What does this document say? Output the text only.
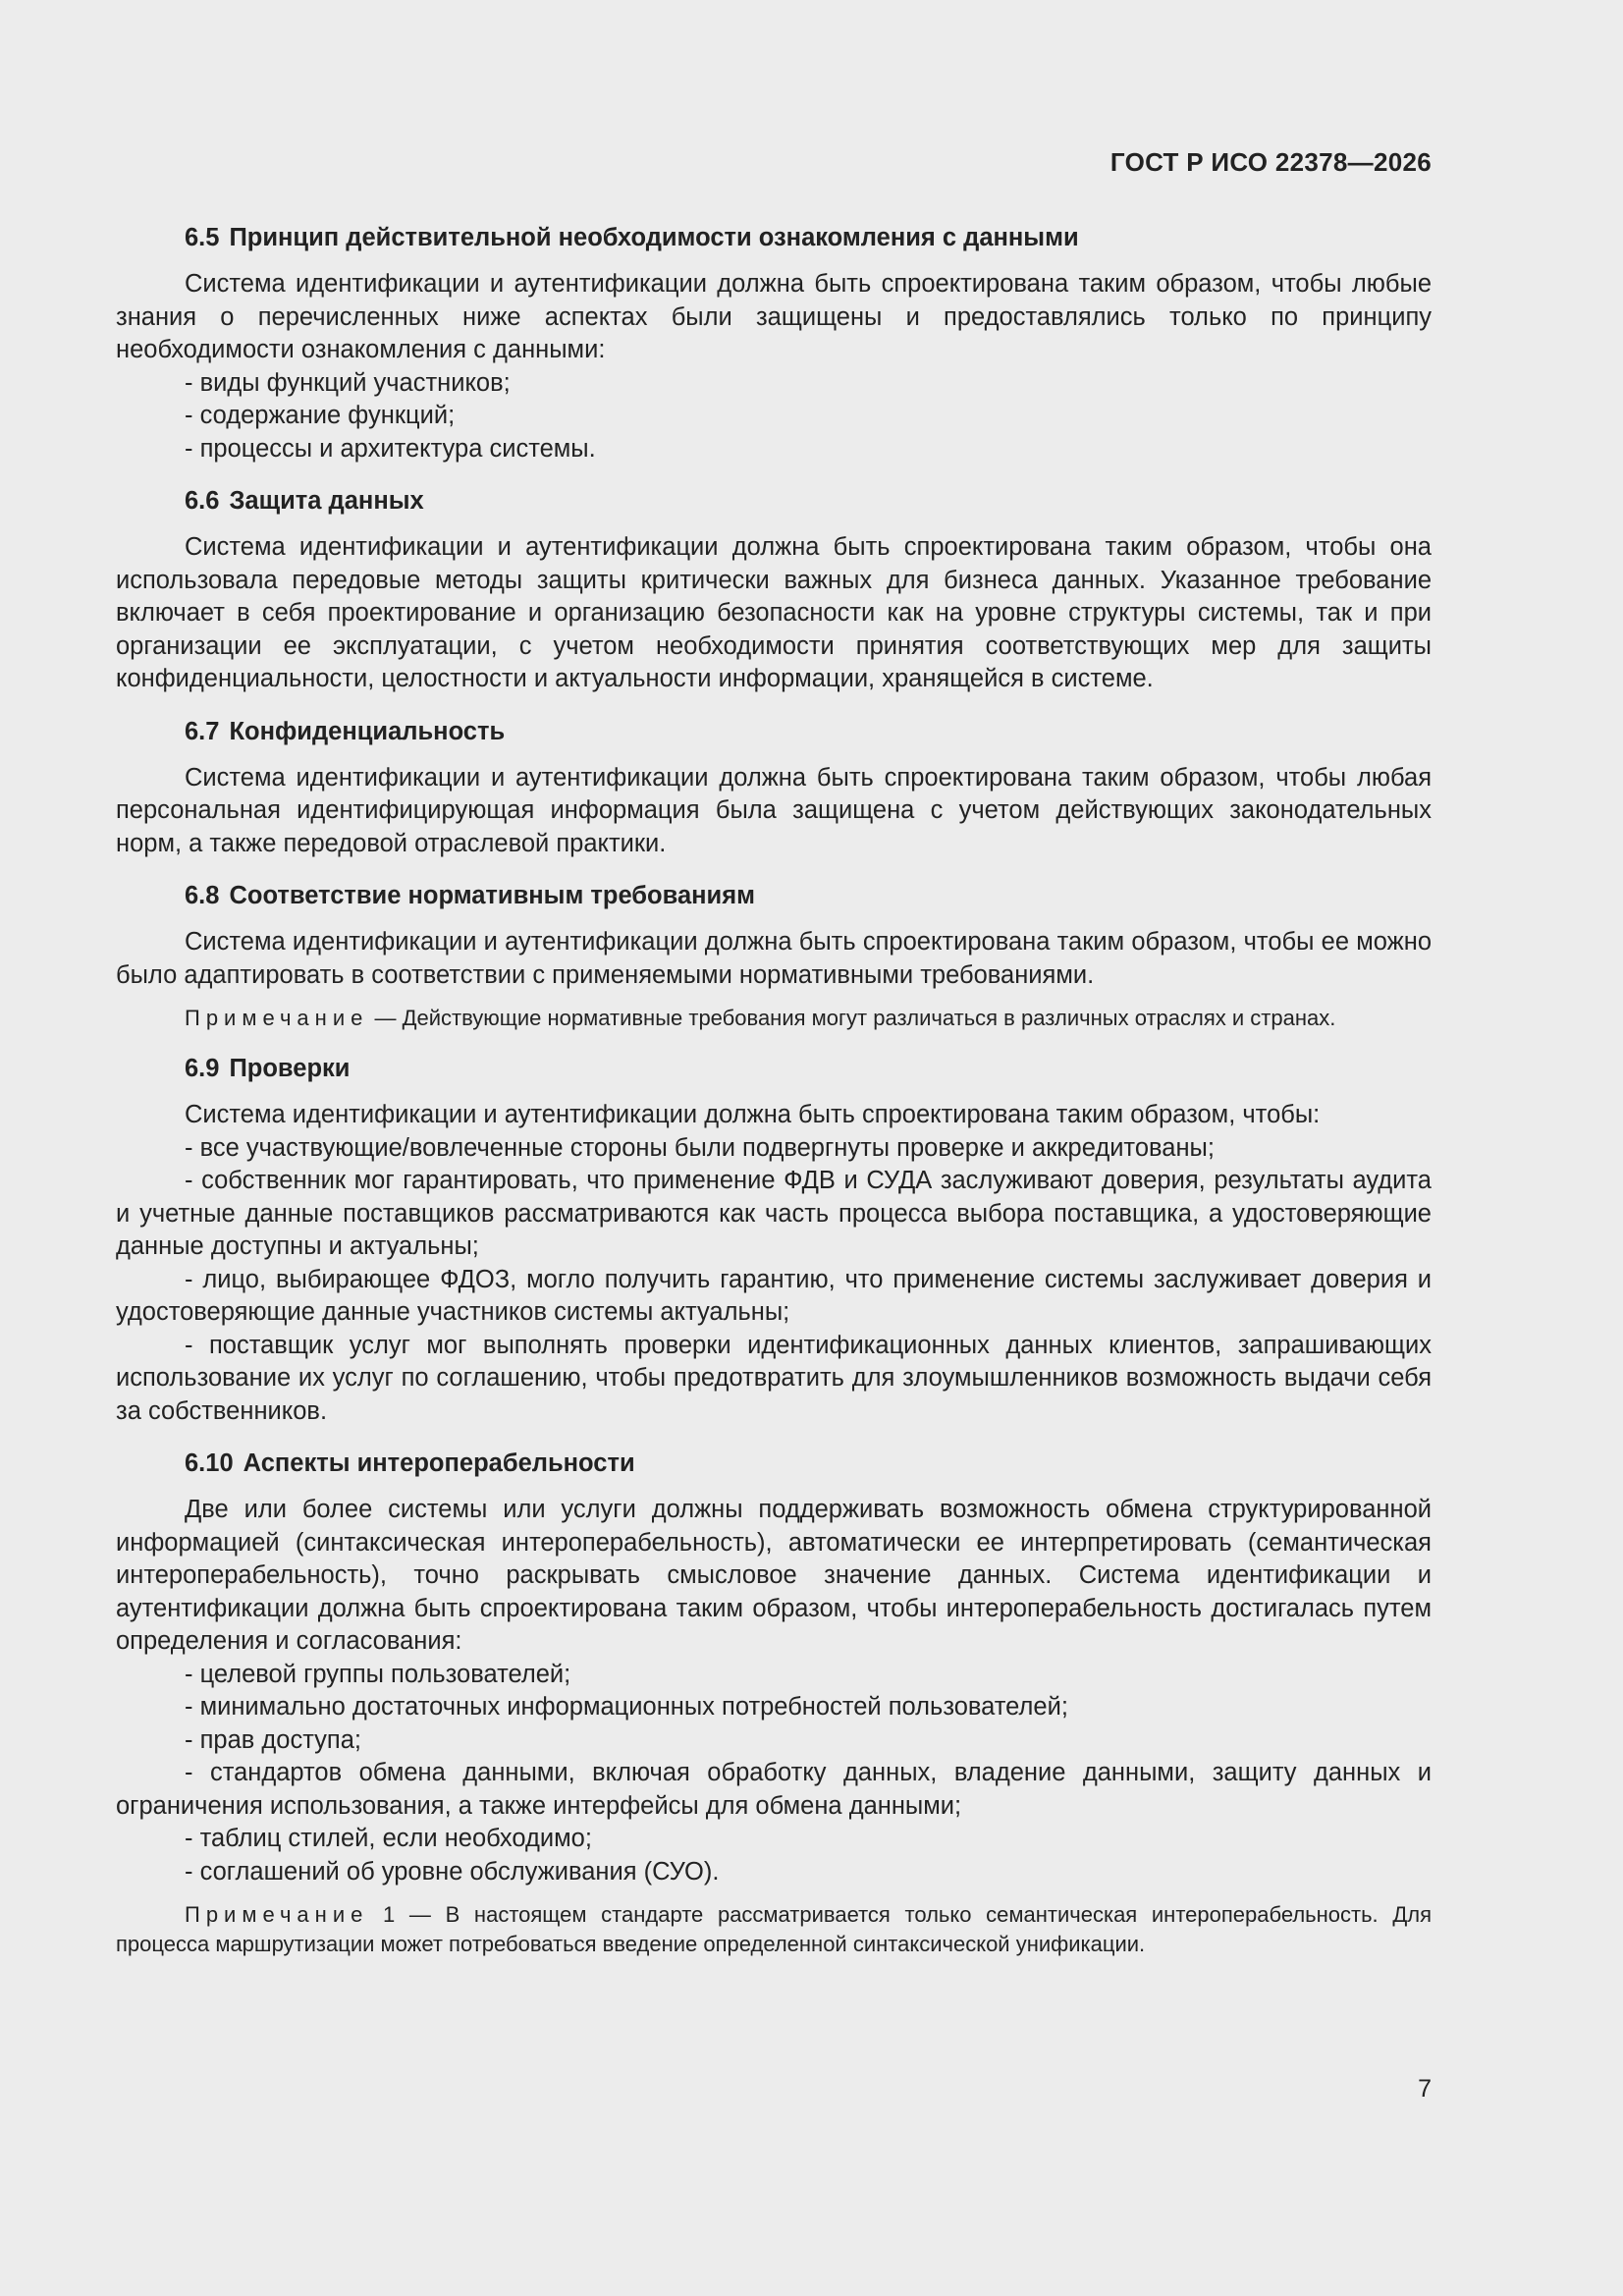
ГОСТ Р ИСО 22378—2026
6.5 Принцип действительной необходимости ознакомления с данными

Система идентификации и аутентификации должна быть спроектирована таким образом, чтобы любые знания о перечисленных ниже аспектах были защищены и предоставлялись только по принципу необходимости ознакомления с данными:

- виды функций участников;

- содержание функций;

- процессы и архитектура системы.

6.6 Защита данных

Система идентификации и аутентификации должна быть спроектирована таким образом, чтобы она использовала передовые методы защиты критически важных для бизнеса данных. Указанное требование включает в себя проектирование и организацию безопасности как на уровне структуры системы, так и при организации ее эксплуатации, с учетом необходимости принятия соответствующих мер для защиты конфиденциальности, целостности и актуальности информации, хранящейся в системе.

6.7 Конфиденциальность

Система идентификации и аутентификации должна быть спроектирована таким образом, чтобы любая персональная идентифицирующая информация была защищена с учетом действующих законодательных норм, а также передовой отраслевой практики.

6.8 Соответствие нормативным требованиям

Система идентификации и аутентификации должна быть спроектирована таким образом, чтобы ее можно было адаптировать в соответствии с применяемыми нормативными требованиями.

Примечание — Действующие нормативные требования могут различаться в различных отраслях и странах.

6.9 Проверки

Система идентификации и аутентификации должна быть спроектирована таким образом, чтобы:

- все участвующие/вовлеченные стороны были подвергнуты проверке и аккредитованы;

- собственник мог гарантировать, что применение ФДВ и СУДА заслуживают доверия, результаты аудита и учетные данные поставщиков рассматриваются как часть процесса выбора поставщика, а удостоверяющие данные доступны и актуальны;

- лицо, выбирающее ФДОЗ, могло получить гарантию, что применение системы заслуживает доверия и удостоверяющие данные участников системы актуальны;

- поставщик услуг мог выполнять проверки идентификационных данных клиентов, запрашивающих использование их услуг по соглашению, чтобы предотвратить для злоумышленников возможность выдачи себя за собственников.

6.10 Аспекты интероперабельности

Две или более системы или услуги должны поддерживать возможность обмена структурированной информацией (синтаксическая интероперабельность), автоматически ее интерпретировать (семантическая интероперабельность), точно раскрывать смысловое значение данных. Система идентификации и аутентификации должна быть спроектирована таким образом, чтобы интероперабельность достигалась путем определения и согласования:

- целевой группы пользователей;

- минимально достаточных информационных потребностей пользователей;

- прав доступа;

- стандартов обмена данными, включая обработку данных, владение данными, защиту данных и ограничения использования, а также интерфейсы для обмена данными;

- таблиц стилей, если необходимо;

- соглашений об уровне обслуживания (СУО).

Примечание 1 — В настоящем стандарте рассматривается только семантическая интероперабельность. Для процесса маршрутизации может потребоваться введение определенной синтаксической унификации.

7
